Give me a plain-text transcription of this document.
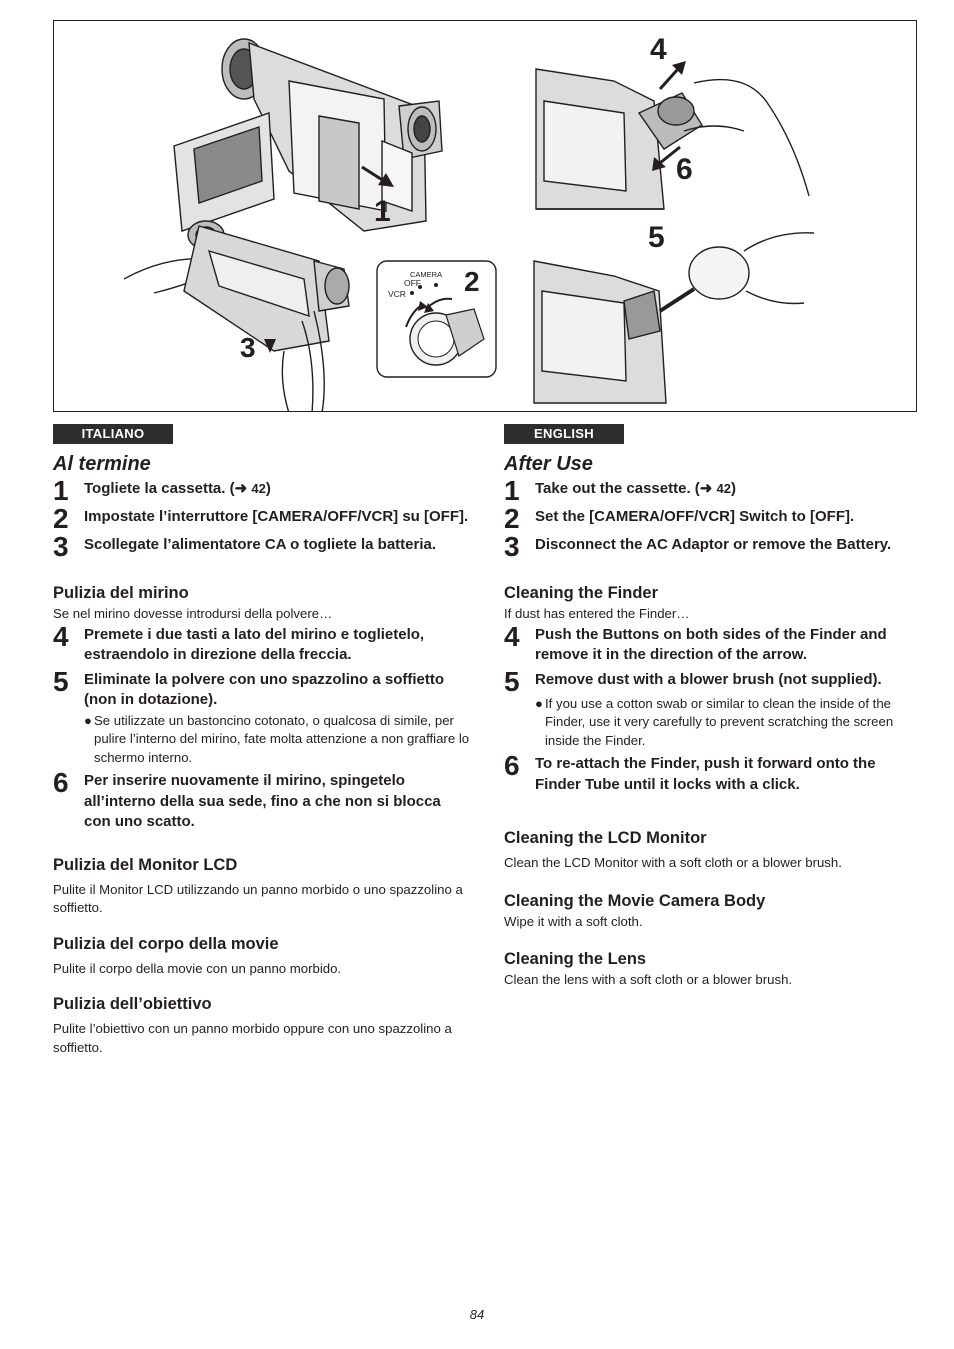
1
3
CAMERA
OFF
VCR 2
4
6
5
ITALIANO
Al termine
1	Togliete la cassetta. (➜ 42)
2	Impostate l’interruttore [CAMERA/OFF/VCR] su [OFF].
3	Scollegate l’alimentatore CA o togliete la batteria.
Pulizia del mirino
Se nel mirino dovesse introdursi della polvere…
4	Premete i due tasti a lato del mirino e toglietelo, estraendolo in direzione della freccia.
5	Eliminate la polvere con uno spazzolino a soffietto (non in dotazione).
● Se utilizzate un bastoncino cotonato, o qualcosa di simile, per pulire l’interno del mirino, fate molta attenzione a non graffiare lo schermo interno.
6	Per inserire nuovamente il mirino, spingetelo all’interno della sua sede, fino a che non si blocca con uno scatto.
Pulizia del Monitor LCD
Pulite il Monitor LCD utilizzando un panno morbido o uno spazzolino a soffietto.
Pulizia del corpo della movie
Pulite il corpo della movie con un panno morbido.
Pulizia dell’obiettivo
Pulite l’obiettivo con un panno morbido oppure con uno spazzolino a soffietto.
ENGLISH
After Use
1	Take out the cassette. (➜ 42)
2	Set the [CAMERA/OFF/VCR] Switch to [OFF].
3	Disconnect the AC Adaptor or remove the Battery.
Cleaning the Finder
If dust has entered the Finder…
4	Push the Buttons on both sides of the Finder and remove it in the direction of the arrow.
5	Remove dust with a blower brush (not supplied).
● If you use a cotton swab or similar to clean the inside of the Finder, use it very carefully to prevent scratching the screen inside the Finder.
6	To re-attach the Finder, push it forward onto the Finder Tube until it locks with a click.
Cleaning the LCD Monitor
Clean the LCD Monitor with a soft cloth or a blower brush.
Cleaning the Movie Camera Body
Wipe it with a soft cloth.
Cleaning the Lens
Clean the lens with a soft cloth or a blower brush.
84
